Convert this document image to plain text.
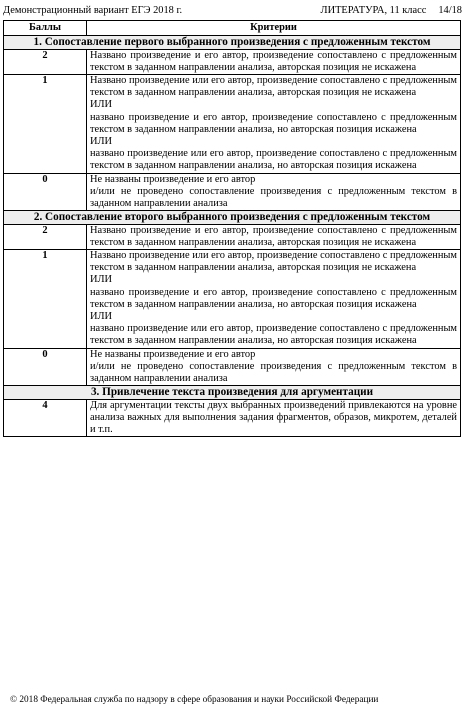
Демонстрационный вариант ЕГЭ 2018 г.	ЛИТЕРАТУРА, 11 класс 14/18
Баллы	Критерии
1. Сопоставление первого выбранного произведения с предложенным текстом	
2	Названо произведение и его автор, произведение сопоставлено с предложенным текстом в заданном направлении анализа, авторская позиция не искажена

1	Названо произведение или его автор, произведение сопоставлено с предложенным текстом в заданном направлении анализа, авторская позиция не искажена

ИЛИ

названо произведение и его автор, произведение сопоставлено с предложенным текстом в заданном направлении анализа, но авторская позиция искажена

ИЛИ

названо произведение или его автор, произведение сопоставлено с предложенным текстом в заданном направлении анализа, но авторская позиция искажена

0	Не названы произведение и его автор

и/или не проведено сопоставление произведения с предложенным текстом в заданном направлении анализа

2. Сопоставление второго выбранного произведения с предложенным текстом	
2	Названо произведение и его автор, произведение сопоставлено с предложенным текстом в заданном направлении анализа, авторская позиция не искажена

1	Названо произведение или его автор, произведение сопоставлено с предложенным текстом в заданном направлении анализа, авторская позиция не искажена

ИЛИ

названо произведение и его автор, произведение сопоставлено с предложенным текстом в заданном направлении анализа, но авторская позиция искажена

ИЛИ

названо произведение или его автор, произведение сопоставлено с предложенным текстом в заданном направлении анализа, но авторская позиция искажена

0	Не названы произведение и его автор

и/или не проведено сопоставление произведения с предложенным текстом в заданном направлении анализа

3. Привлечение текста произведения для аргументации	
4	Для аргументации тексты двух выбранных произведений привлекаются на уровне анализа важных для выполнения задания фрагментов, образов, микротем, деталей и т.п.

© 2018 Федеральная служба по надзору в сфере образования и науки Российской Федерации
